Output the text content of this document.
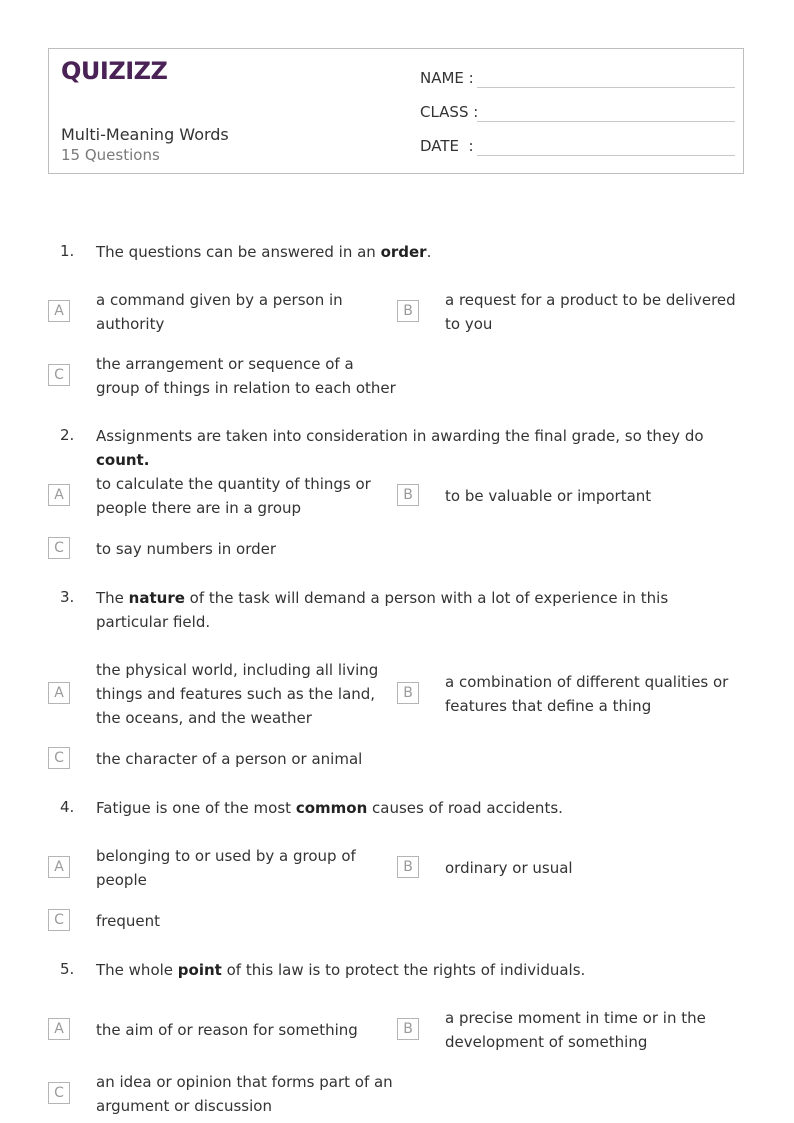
QUIZIZZ
Multi-Meaning Words
15 Questions
NAME :
CLASS :
DATE  :
1. The questions can be answered in an order.
A
a command given by a person in authority
B
a request for a product to be delivered to you
C
the arrangement or sequence of a group of things in relation to each other
2. Assignments are taken into consideration in awarding the final grade, so they do count.
A
to calculate the quantity of things or people there are in a group
B	to be valuable or important
C	to say numbers in order
3. The nature of the task will demand a person with a lot of experience in this particular field.
A
the physical world, including all living things and features such as the land, the oceans, and the weather
B
a combination of different qualities or features that define a thing
C	the character of a person or animal
4. Fatigue is one of the most common causes of road accidents.
A
belonging to or used by a group of people
B	ordinary or usual
C	frequent
5. The whole point of this law is to protect the rights of individuals.
A	the aim of or reason for something	B
a precise moment in time or in the development of something
C
an idea or opinion that forms part of an argument or discussion
